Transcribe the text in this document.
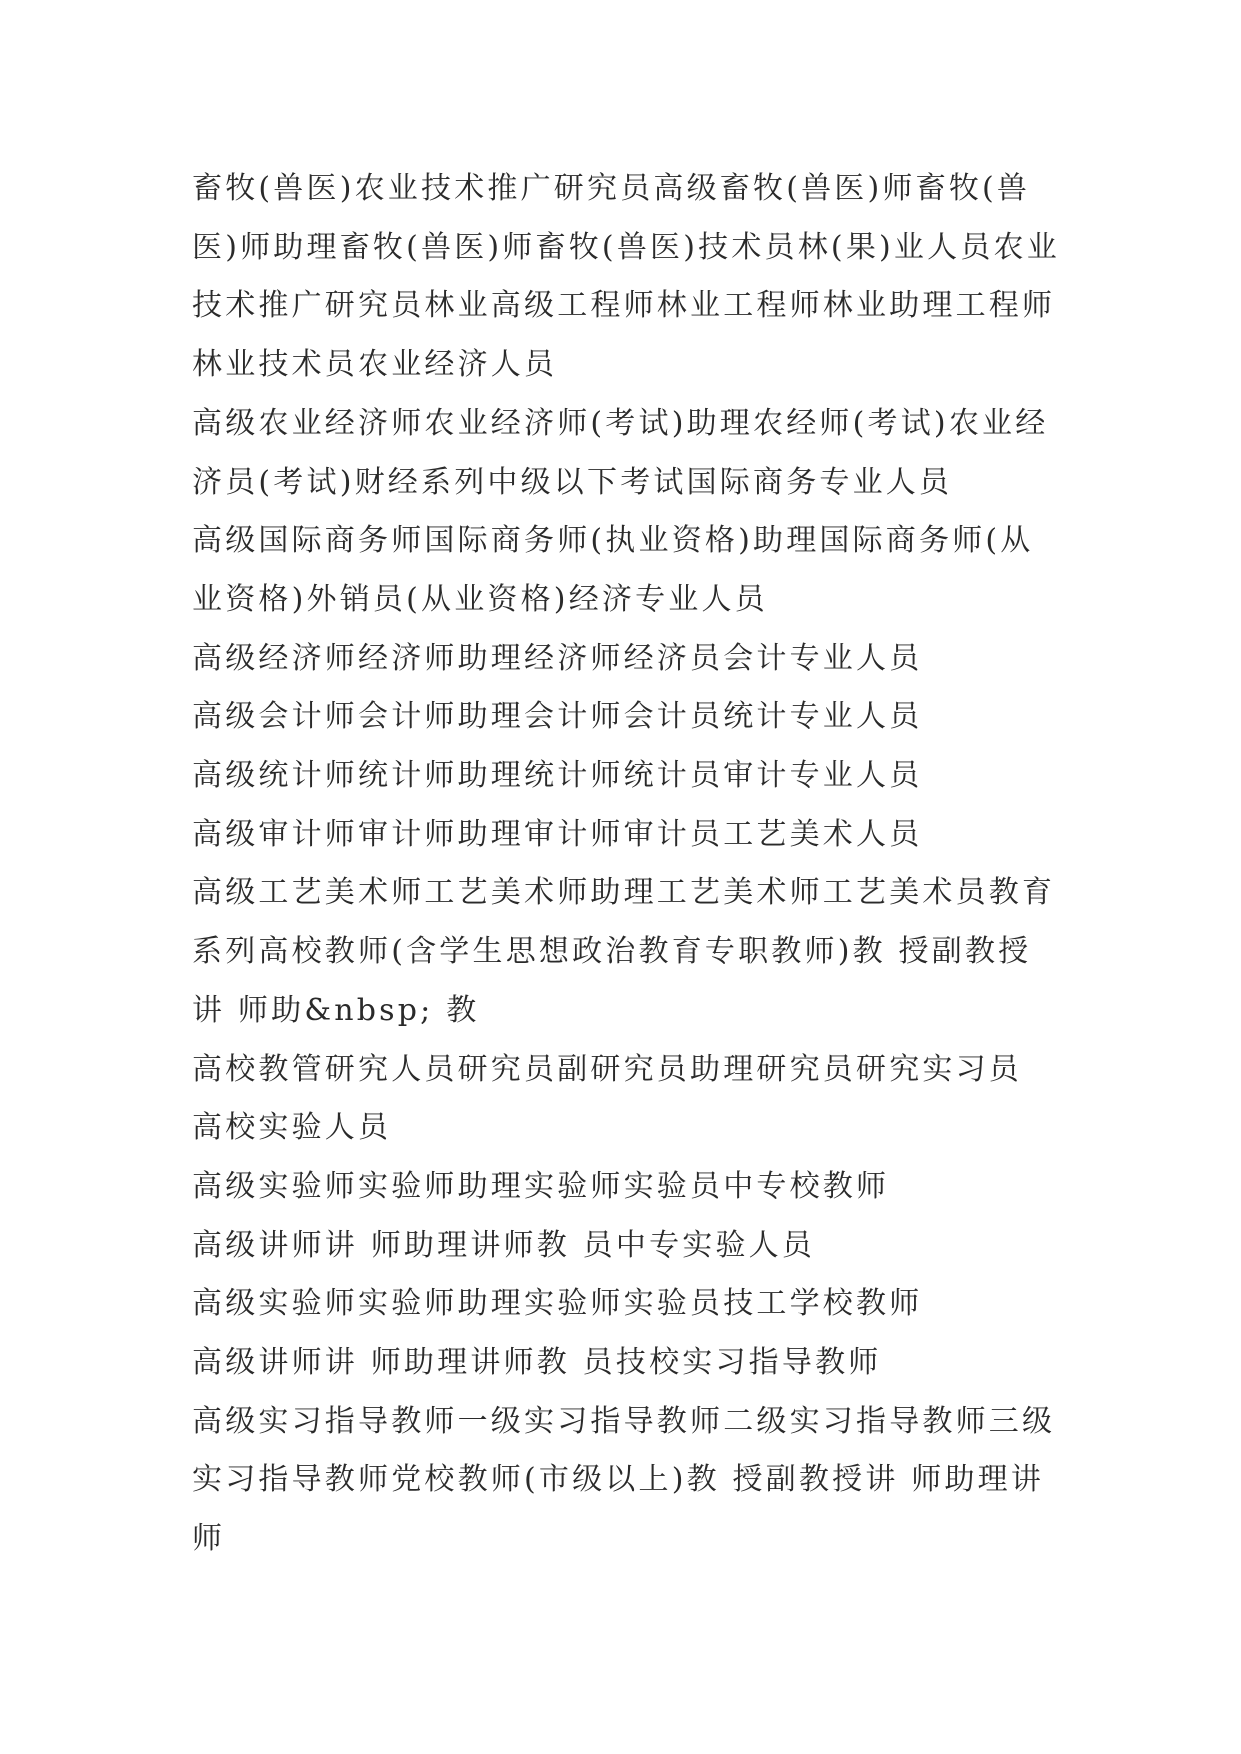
畜牧(兽医)农业技术推广研究员高级畜牧(兽医)师畜牧(兽医)师助理畜牧(兽医)师畜牧(兽医)技术员林(果)业人员农业技术推广研究员林业高级工程师林业工程师林业助理工程师林业技术员农业经济人员

高级农业经济师农业经济师(考试)助理农经师(考试)农业经济员(考试)财经系列中级以下考试国际商务专业人员

高级国际商务师国际商务师(执业资格)助理国际商务师(从业资格)外销员(从业资格)经济专业人员

高级经济师经济师助理经济师经济员会计专业人员

高级会计师会计师助理会计师会计员统计专业人员

高级统计师统计师助理统计师统计员审计专业人员

高级审计师审计师助理审计师审计员工艺美术人员

高级工艺美术师工艺美术师助理工艺美术师工艺美术员教育系列高校教师(含学生思想政治教育专职教师)教 授副教授讲 师助&nbsp; 教

高校教管研究人员研究员副研究员助理研究员研究实习员

高校实验人员

高级实验师实验师助理实验师实验员中专校教师

高级讲师讲 师助理讲师教 员中专实验人员

高级实验师实验师助理实验师实验员技工学校教师

高级讲师讲 师助理讲师教 员技校实习指导教师

高级实习指导教师一级实习指导教师二级实习指导教师三级实习指导教师党校教师(市级以上)教 授副教授讲 师助理讲师
